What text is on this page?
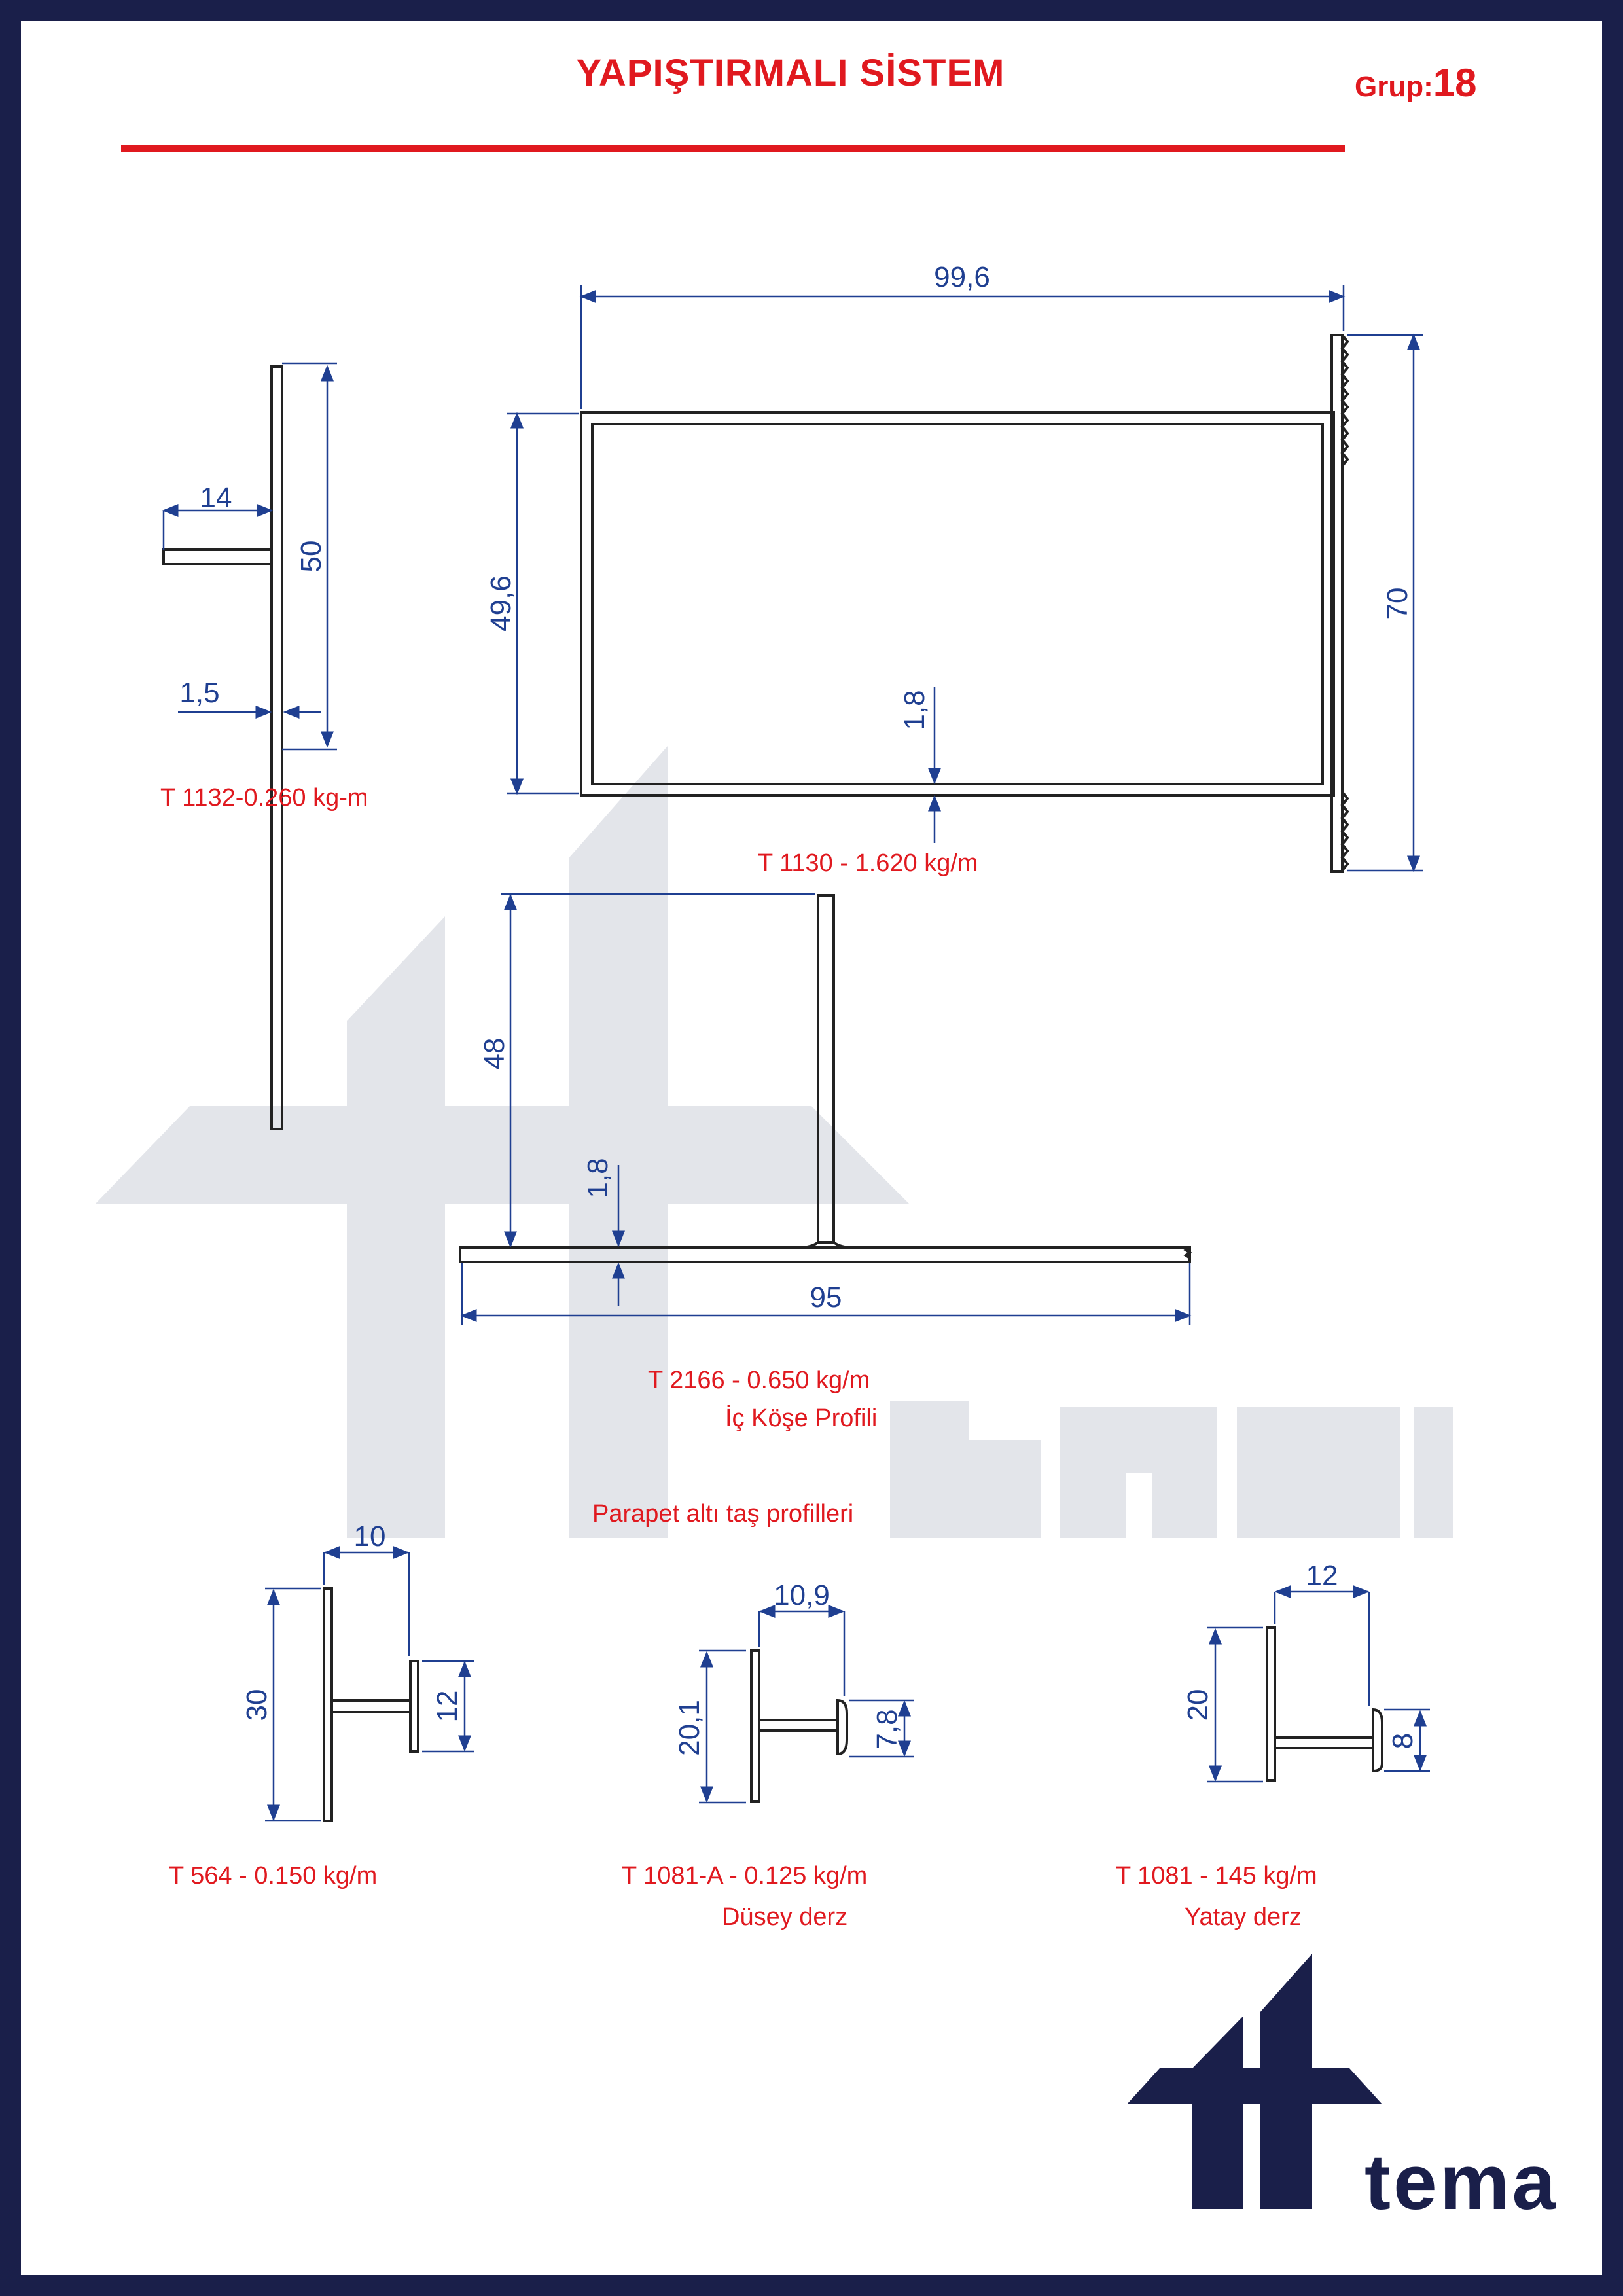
YAPIŞTIRMALI SİSTEM	Grup:18
14
50
1,5
99,6
49,6	70
1,8
48
1,8
95
10
30	12
10,9
20,1	7,8
12
20
8
tema
T 1132-0.260 kg-m
T 1130 - 1.620 kg/m
T 2166 - 0.650 kg/m
İç Köşe Profili
Parapet altı taş profilleri
T 564 - 0.150 kg/m	T 1081-A - 0.125 kg/m
Düsey derz
T 1081 - 145 kg/m
Yatay derz
